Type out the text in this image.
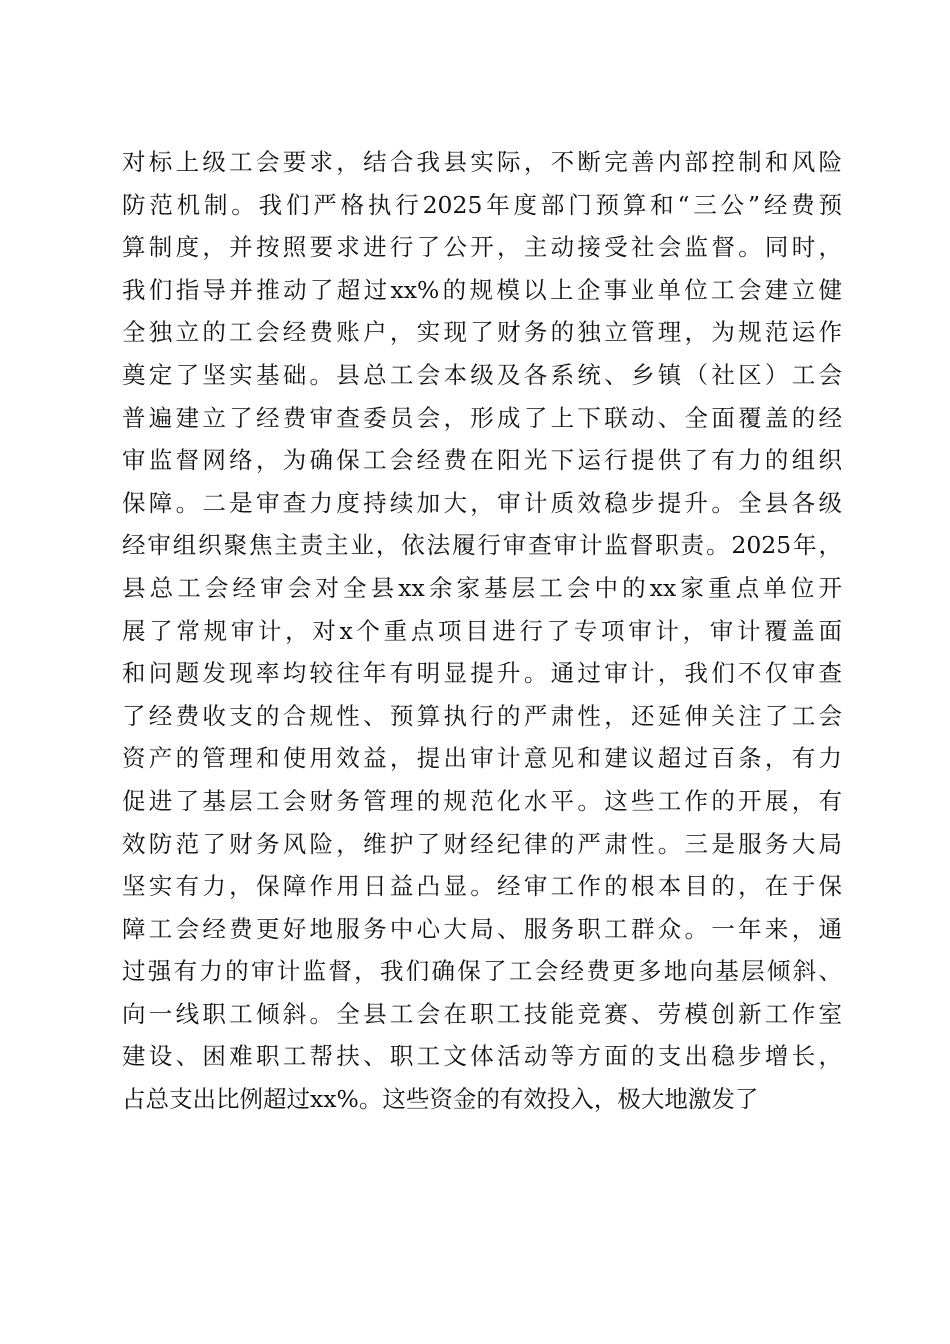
对标上级工会要求，结合我县实际，不断完善内部控制和风险
防范机制。我们严格执行2025年度部门预算和“三公”经费预
算制度，并按照要求进行了公开，主动接受社会监督。同时，
我们指导并推动了超过xx%的规模以上企事业单位工会建立健
全独立的工会经费账户，实现了财务的独立管理，为规范运作
奠定了坚实基础。县总工会本级及各系统、乡镇（社区）工会
普遍建立了经费审查委员会，形成了上下联动、全面覆盖的经
审监督网络，为确保工会经费在阳光下运行提供了有力的组织
保障。二是审查力度持续加大，审计质效稳步提升。全县各级
经审组织聚焦主责主业，依法履行审查审计监督职责。2025年，
县总工会经审会对全县xx余家基层工会中的xx家重点单位开
展了常规审计，对x个重点项目进行了专项审计，审计覆盖面
和问题发现率均较往年有明显提升。通过审计，我们不仅审查
了经费收支的合规性、预算执行的严肃性，还延伸关注了工会
资产的管理和使用效益，提出审计意见和建议超过百条，有力
促进了基层工会财务管理的规范化水平。这些工作的开展，有
效防范了财务风险，维护了财经纪律的严肃性。三是服务大局
坚实有力，保障作用日益凸显。经审工作的根本目的，在于保
障工会经费更好地服务中心大局、服务职工群众。一年来，通
过强有力的审计监督，我们确保了工会经费更多地向基层倾斜、
向一线职工倾斜。全县工会在职工技能竞赛、劳模创新工作室
建设、困难职工帮扶、职工文体活动等方面的支出稳步增长，
占总支出比例超过xx%。这些资金的有效投入，极大地激发了
